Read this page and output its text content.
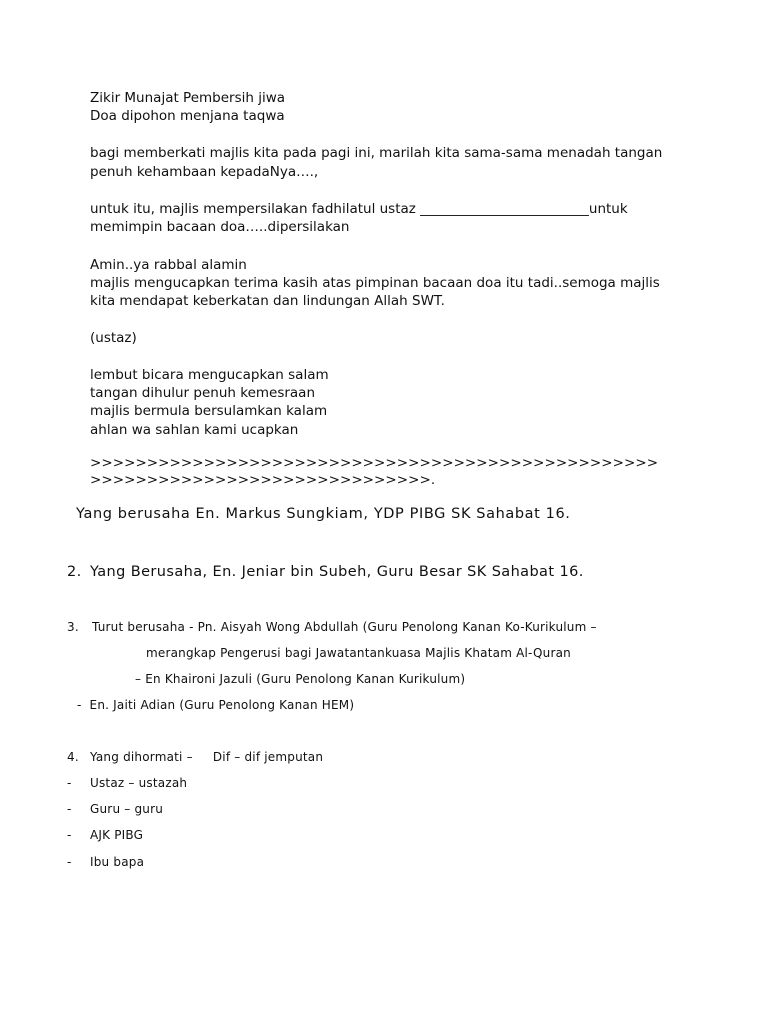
Zikir Munajat Pembersih jiwa
Doa dipohon menjana taqwa
bagi memberkati majlis kita pada pagi ini, marilah kita sama-sama menadah tangan
penuh kehambaan kepadaNya….,
untuk itu, majlis mempersilakan fadhilatul ustaz _________________________untuk
memimpin bacaan doa…..dipersilakan
Amin..ya rabbal alamin
majlis mengucapkan terima kasih atas pimpinan bacaan doa itu tadi..semoga majlis
kita mendapat keberkatan dan lindungan Allah SWT.
(ustaz)
lembut bicara mengucapkan salam
tangan dihulur penuh kemesraan
majlis bermula bersulamkan kalam
ahlan wa sahlan kami ucapkan
>>>>>>>>>>>>>>>>>>>>>>>>>>>>>>>>>>>>>>>>>>>>>>>>>>
>>>>>>>>>>>>>>>>>>>>>>>>>>>>>>.
Yang berusaha En. Markus Sungkiam, YDP PIBG SK Sahabat 16.
2. Yang Berusaha, En. Jeniar bin Subeh, Guru Besar SK Sahabat 16.
3. Turut berusaha - Pn. Aisyah Wong Abdullah (Guru Penolong Kanan Ko-Kurikulum –
merangkap Pengerusi bagi Jawatantankuasa Majlis Khatam Al-Quran
– En Khaironi Jazuli (Guru Penolong Kanan Kurikulum)
-  En. Jaiti Adian (Guru Penolong Kanan HEM)
4. Yang dihormati –     Dif – dif jemputan
- Ustaz – ustazah
- Guru – guru
- AJK PIBG
- Ibu bapa
